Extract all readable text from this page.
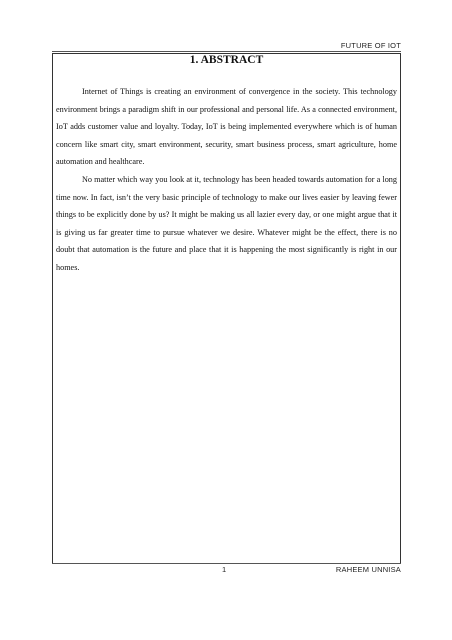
FUTURE OF IOT
1. ABSTRACT

Internet of Things is creating an environment of convergence in the society. This technology environment brings a paradigm shift in our professional and personal life. As a connected environment, IoT adds customer value and loyalty. Today, IoT is being implemented everywhere which is of human concern like smart city, smart environment, security, smart business process, smart agriculture, home automation and healthcare.

No matter which way you look at it, technology has been headed towards automation for a long time now. In fact, isn’t the very basic principle of technology to make our lives easier by leaving fewer things to be explicitly done by us? It might be making us all lazier every day, or one might argue that it is giving us far greater time to pursue whatever we desire. Whatever might be the effect, there is no doubt that automation is the future and place that it is happening the most significantly is right in our homes.

1	RAHEEM UNNISA
